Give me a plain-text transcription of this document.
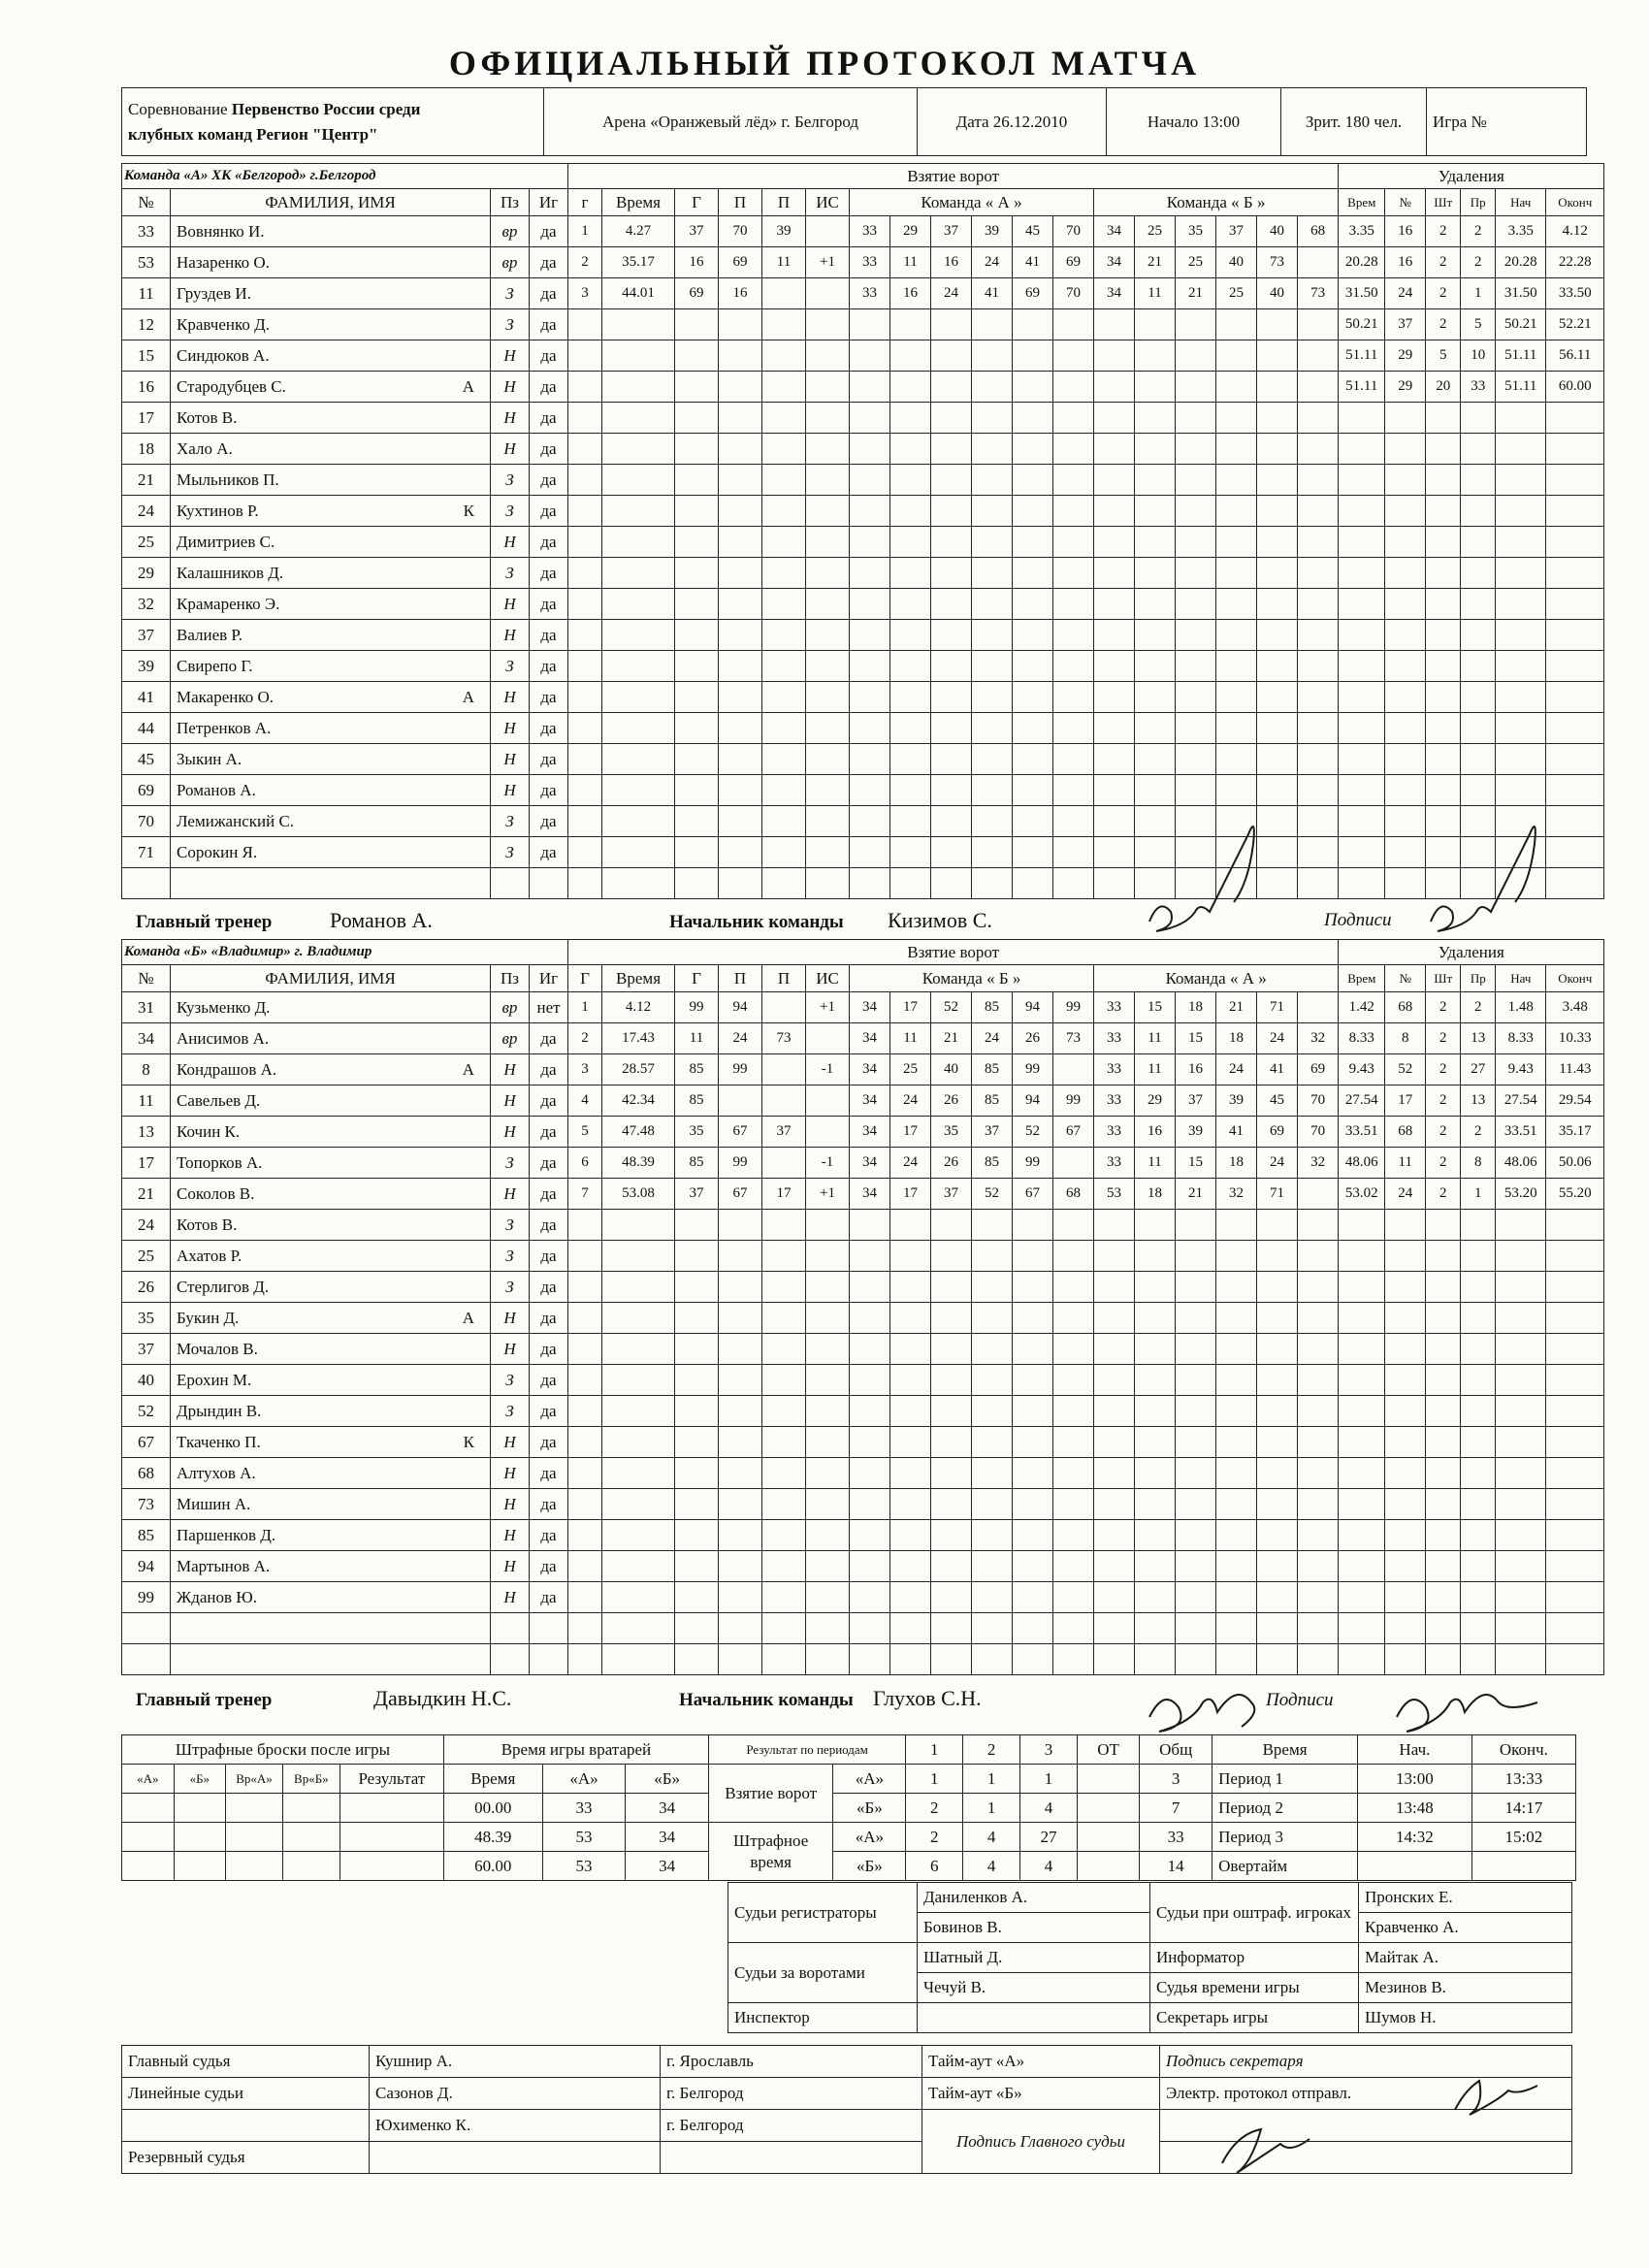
ОФИЦИАЛЬНЫЙ ПРОТОКОЛ МАТЧА
Соревнование Первенство России среди
клубных команд Регион "Центр"	Арена «Оранжевый лёд» г. Белгород	Дата 26.12.2010	Начало 13:00	Зрит. 180 чел.	Игра №
Команда «А» ХК «Белгород» г.Белгород				Взятие ворот																		Удаления					
№	ФАМИЛИЯ, ИМЯ	Пз	Иг	г	Время	Г	П	П	ИС	Команда « А »						Команда « Б »						Врем	№	Шт	Пр	Нач	Оконч
33	Вовнянко И.	вр	да	1	4.27	37	70	39		33	29	37	39	45	70	34	25	35	37	40	68	3.35	16	2	2	3.35	4.12
53	Назаренко О.	вр	да	2	35.17	16	69	11	+1	33	11	16	24	41	69	34	21	25	40	73		20.28	16	2	2	20.28	22.28
11	Груздев И.	З	да	3	44.01	69	16			33	16	24	41	69	70	34	11	21	25	40	73	31.50	24	2	1	31.50	33.50
12	Кравченко Д.	З	да																			50.21	37	2	5	50.21	52.21
15	Синдюков А.	Н	да																			51.11	29	5	10	51.11	56.11
16	Стародубцев С. А	Н	да																			51.11	29	20	33	51.11	60.00
17	Котов В.	Н	да																								
18	Хало А.	Н	да																								
21	Мыльников П.	З	да																								
24	Кухтинов Р. К	З	да																								
25	Димитриев С.	Н	да																								
29	Калашников Д.	З	да																								
32	Крамаренко Э.	Н	да																								
37	Валиев Р.	Н	да																								
39	Свирепо Г.	З	да																								
41	Макаренко О. А	Н	да																								
44	Петренков А.	Н	да																								
45	Зыкин А.	Н	да																								
69	Романов А.	Н	да																								
70	Лемижанский С.	З	да																								
71	Сорокин Я.	З	да																								

Главный тренер	Романов А.	Начальник команды Кизимов С.	Подписи
Команда «Б» «Владимир» г. Владимир				Взятие ворот																		Удаления					
№	ФАМИЛИЯ, ИМЯ	Пз	Иг	Г	Время	Г	П	П	ИС	Команда « Б »						Команда « А »						Врем	№	Шт	Пр	Нач	Оконч
31	Кузьменко Д.	вр	нет	1	4.12	99	94		+1	34	17	52	85	94	99	33	15	18	21	71		1.42	68	2	2	1.48	3.48
34	Анисимов А.	вр	да	2	17.43	11	24	73		34	11	21	24	26	73	33	11	15	18	24	32	8.33	8	2	13	8.33	10.33
8	Кондрашов А. А	Н	да	3	28.57	85	99		-1	34	25	40	85	99		33	11	16	24	41	69	9.43	52	2	27	9.43	11.43
11	Савельев Д.	Н	да	4	42.34	85				34	24	26	85	94	99	33	29	37	39	45	70	27.54	17	2	13	27.54	29.54
13	Кочин К.	Н	да	5	47.48	35	67	37		34	17	35	37	52	67	33	16	39	41	69	70	33.51	68	2	2	33.51	35.17
17	Топорков А.	З	да	6	48.39	85	99		-1	34	24	26	85	99		33	11	15	18	24	32	48.06	11	2	8	48.06	50.06
21	Соколов В.	Н	да	7	53.08	37	67	17	+1	34	17	37	52	67	68	53	18	21	32	71		53.02	24	2	1	53.20	55.20
24	Котов В.	З	да																								
25	Ахатов Р.	З	да																								
26	Стерлигов Д.	З	да																								
35	Букин Д. А	Н	да																								
37	Мочалов В.	Н	да																								
40	Ерохин М.	З	да																								
52	Дрындин В.	З	да																								
67	Ткаченко П. К	Н	да																								
68	Алтухов А.	Н	да																								
73	Мишин А.	Н	да																								
85	Паршенков Д.	Н	да																								
94	Мартынов А.	Н	да																								
99	Жданов Ю.	Н	да																								

Главный тренер	Давыдкин Н.С.	Начальник команды Глухов С.Н.	Подписи
Штрафные броски после игры					Время игры вратарей			Результат по периодам		1	2	3	ОТ	Общ	Время	Нач.	Оконч.
«А»	«Б»	Вр«А»	Вр«Б»	Результат	Время	«А»	«Б»	Взятие ворот	«А»	1	1	1		3	Период 1	13:00	13:33
					00.00	33	34		«Б»	2	1	4		7	Период 2	13:48	14:17
					48.39	53	34	Штрафное время	«А»	2	4	27		33	Период 3	14:32	15:02
					60.00	53	34		«Б»	6	4	4		14	Овертайм		
Судьи регистраторы	Даниленков А.	Судьи при оштраф. игроках	Пронских Е.
	Бовинов В.		Кравченко А.
Судьи за воротами	Шатный Д.	Информатор	Майтак А.
	Чечуй В.	Судья времени игры	Мезинов В.
Инспектор		Секретарь игры	Шумов Н.
Главный судья	Кушнир А.	г. Ярославль	Тайм-аут «А»	Подпись секретаря
Линейные судьи	Сазонов Д.	г. Белгород	Тайм-аут «Б»	Электр. протокол отправл.
	Юхименко К.	г. Белгород	Подпись Главного судьи	
Резервный судья				
